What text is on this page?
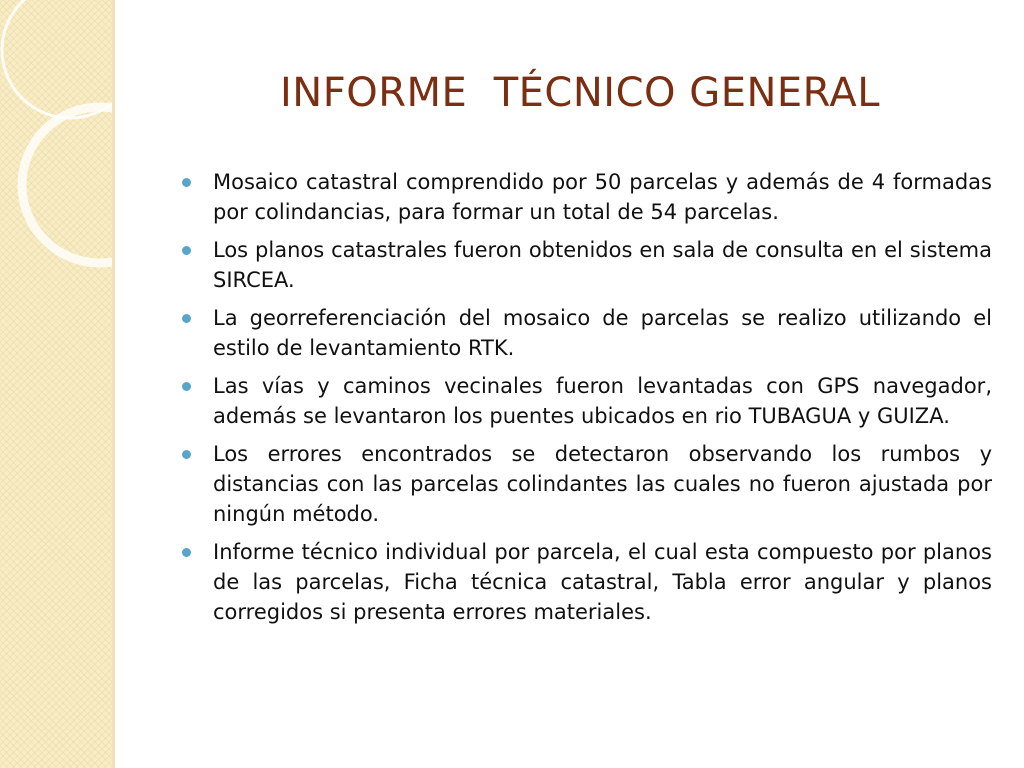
INFORME  TÉCNICO GENERAL
Mosaico catastral comprendido por 50 parcelas y además de 4 formadas por colindancias, para formar un total de 54 parcelas.
Los planos catastrales fueron obtenidos en sala de consulta en el sistema SIRCEA.
La georreferenciación del mosaico de parcelas se realizo utilizando el estilo de levantamiento RTK.
Las vías y caminos vecinales fueron levantadas con GPS navegador, además se levantaron los puentes ubicados en rio TUBAGUA y GUIZA.
Los errores encontrados se detectaron observando los rumbos y distancias con las parcelas colindantes las cuales no fueron ajustada por ningún método.
Informe técnico individual por parcela, el cual esta compuesto por planos de las parcelas, Ficha técnica catastral, Tabla error angular y planos corregidos si presenta errores materiales.
